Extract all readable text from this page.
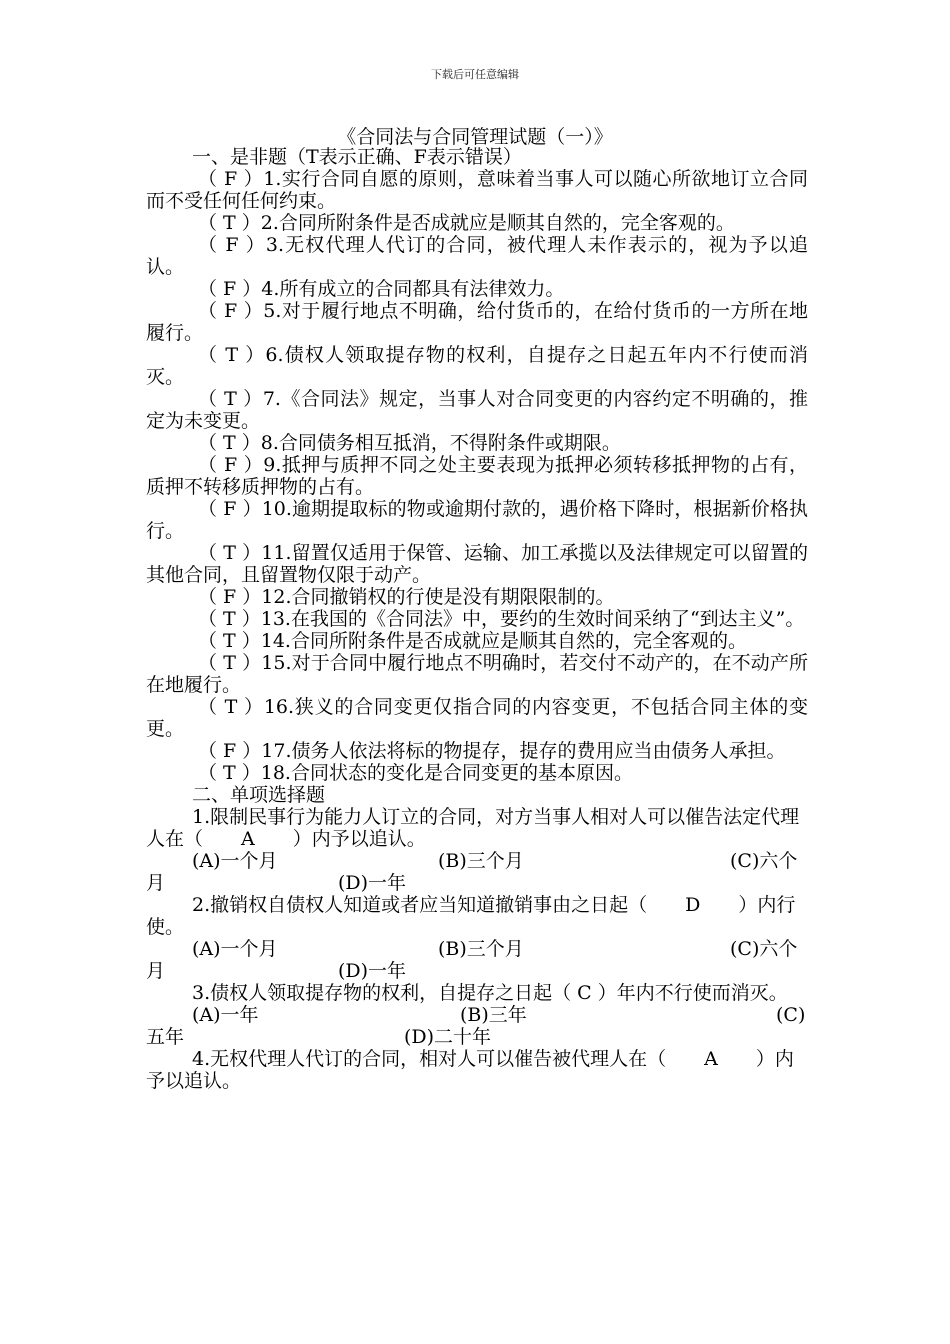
下载后可任意编辑
《合同法与合同管理试题（一）》
一、是非题（T表示正确、F表示错误）

（ F ）1.实行合同自愿的原则，意味着当事人可以随心所欲地订立合同而不受任何任何约束。

（ T ）2.合同所附条件是否成就应是顺其自然的，完全客观的。

（ F ）3.无权代理人代订的合同，被代理人未作表示的，视为予以追认。

（ F ）4.所有成立的合同都具有法律效力。

（ F ）5.对于履行地点不明确，给付货币的，在给付货币的一方所在地履行。

（ T ）6.债权人领取提存物的权利，自提存之日起五年内不行使而消灭。

（ T ）7.《合同法》规定，当事人对合同变更的内容约定不明确的，推定为未变更。

（ T ）8.合同债务相互抵消，不得附条件或期限。

（ F ）9.抵押与质押不同之处主要表现为抵押必须转移抵押物的占有，质押不转移质押物的占有。

（ F ）10.逾期提取标的物或逾期付款的，遇价格下降时，根据新价格执行。

（ T ）11.留置仅适用于保管、运输、加工承揽以及法律规定可以留置的其他合同，且留置物仅限于动产。

（ F ）12.合同撤销权的行使是没有期限限制的。

（ T ）13.在我国的《合同法》中，要约的生效时间采纳了“到达主义”。

（ T ）14.合同所附条件是否成就应是顺其自然的，完全客观的。

（ T ）15.对于合同中履行地点不明确时，若交付不动产的，在不动产所在地履行。

（ T ）16.狭义的合同变更仅指合同的内容变更，不包括合同主体的变更。

（ F ）17.债务人依法将标的物提存，提存的费用应当由债务人承担。

（ T ）18.合同状态的变化是合同变更的基本原因。

二、单项选择题

1.限制民事行为能力人订立的合同，对方当事人相对人可以催告法定代理人在（　　A　　）内予以追认。

(A)一个月	(B)三个月	(C)六个
月	(D)一年

2.撤销权自债权人知道或者应当知道撤销事由之日起（　　D　　）内行使。

(A)一个月	(B)三个月	(C)六个
月	(D)一年

3.债权人领取提存物的权利，自提存之日起（ C ）年内不行使而消灭。

(A)一年	(B)三年	(C)
五年	(D)二十年

4.无权代理人代订的合同，相对人可以催告被代理人在（　　A　　）内予以追认。
